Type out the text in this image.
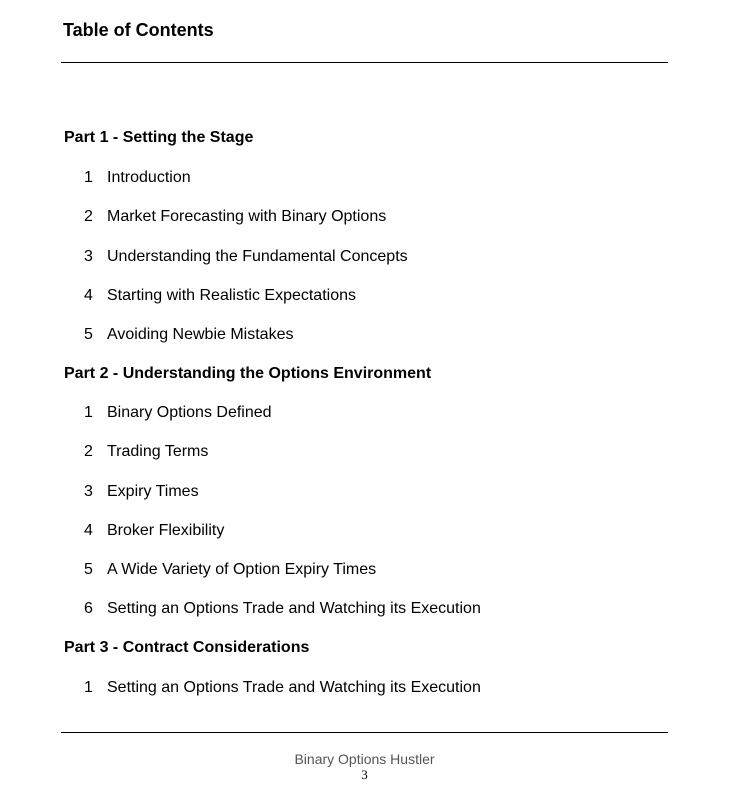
Table of Contents
Part 1 - Setting the Stage
1 Introduction
2 Market Forecasting with Binary Options
3 Understanding the Fundamental Concepts
4 Starting with Realistic Expectations
5 Avoiding Newbie Mistakes
Part 2 - Understanding the Options Environment
1 Binary Options Defined
2 Trading Terms
3 Expiry Times
4 Broker Flexibility
5 A Wide Variety of Option Expiry Times
6 Setting an Options Trade and Watching its Execution
Part 3 - Contract Considerations
1 Setting an Options Trade and Watching its Execution
Binary Options Hustler
3
